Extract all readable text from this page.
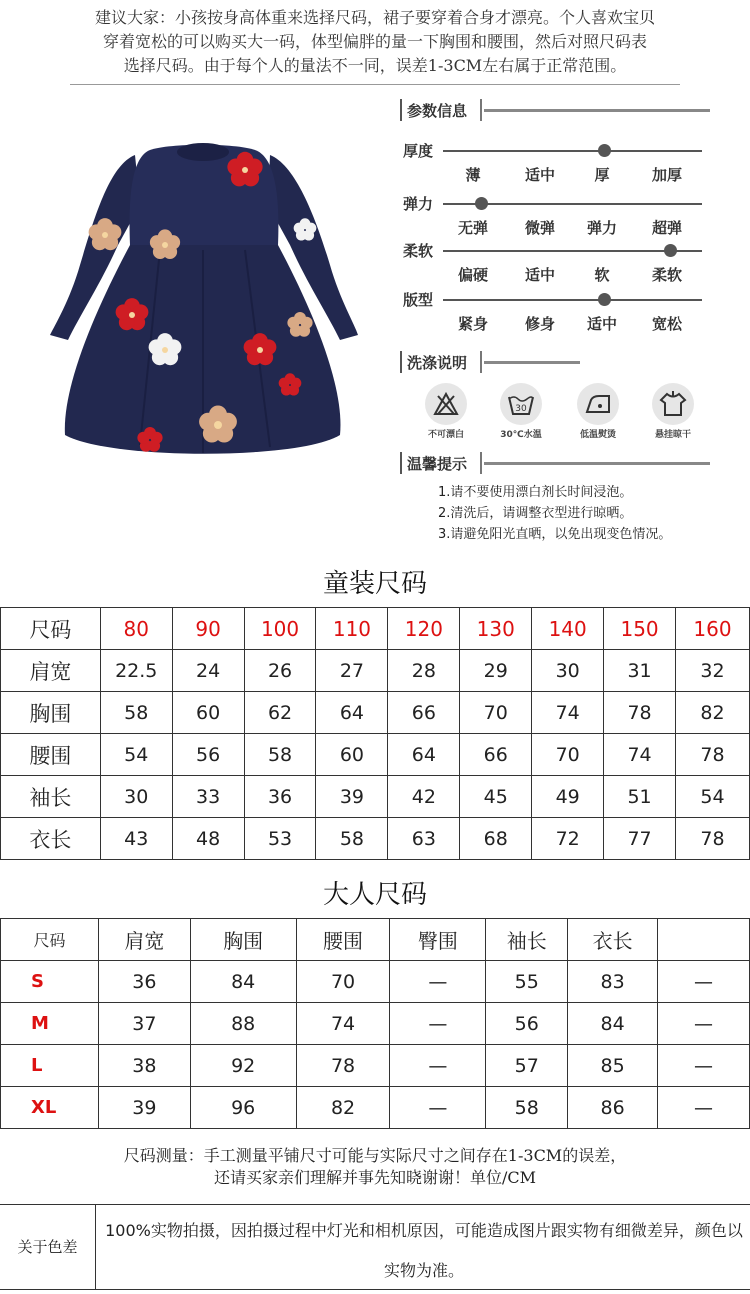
建议大家：小孩按身高体重来选择尺码，裙子要穿着合身才漂亮。个人喜欢宝贝
穿着宽松的可以购买大一码，体型偏胖的量一下胸围和腰围，然后对照尺码表
选择尺码。由于每个人的量法不一同，误差1-3CM左右属于正常范围。
参数信息
厚度
薄	适中	厚	加厚
弹力
无弹	微弹	弹力	超弹
柔软
偏硬	适中	软	柔软
版型
紧身	修身	适中	宽松
洗涤说明
不可漂白
30
30℃水温	低温熨烫	悬挂晾干
温馨提示
1.请不要使用漂白剂长时间浸泡。
2.清洗后，请调整衣型进行晾晒。
3.请避免阳光直晒，以免出现变色情况。
童装尺码
尺码	80	90	100	110	120	130	140	150	160
肩宽	22.5	24	26	27	28	29	30	31	32
胸围	58	60	62	64	66	70	74	78	82
腰围	54	56	58	60	64	66	70	74	78
袖长	30	33	36	39	42	45	49	51	54
衣长	43	48	53	58	63	68	72	77	78
大人尺码
尺码	肩宽	胸围	腰围	臀围	袖长	衣长	
S	36	84	70	—	55	83	—
M	37	88	74	—	56	84	—
L	38	92	78	—	57	85	—
XL	39	96	82	—	58	86	—
尺码测量：手工测量平铺尺寸可能与实际尺寸之间存在1-3CM的误差，
还请买家亲们理解并事先知晓谢谢！单位/CM
关于色差
100%实物拍摄，因拍摄过程中灯光和相机原因，可能造成图片跟实物有细微差异，颜色以实物为准。
